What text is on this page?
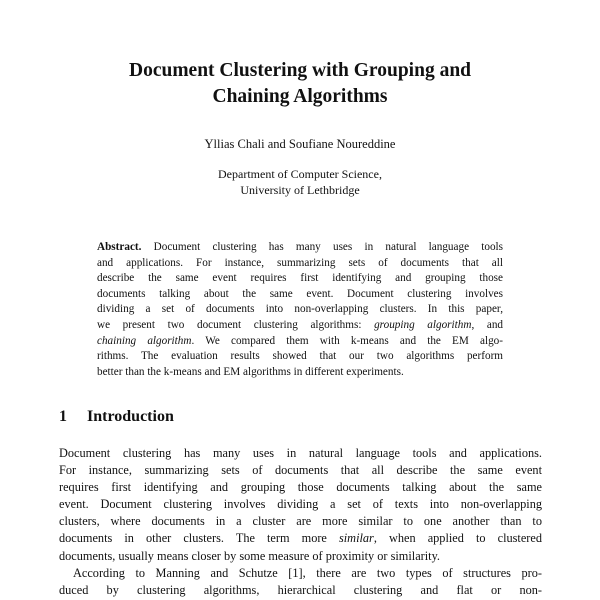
Document Clustering with Grouping and
Chaining Algorithms
Yllias Chali and Soufiane Noureddine
Department of Computer Science,
University of Lethbridge
Abstract. Document clustering has many uses in natural language tools
and applications. For instance, summarizing sets of documents that all
describe the same event requires first identifying and grouping those
documents talking about the same event. Document clustering involves
dividing a set of documents into non-overlapping clusters. In this paper,
we present two document clustering algorithms: grouping algorithm, and
chaining algorithm. We compared them with k-means and the EM algo-
rithms. The evaluation results showed that our two algorithms perform
better than the k-means and EM algorithms in different experiments.
1 Introduction
Document clustering has many uses in natural language tools and applications.
For instance, summarizing sets of documents that all describe the same event
requires first identifying and grouping those documents talking about the same
event. Document clustering involves dividing a set of texts into non-overlapping
clusters, where documents in a cluster are more similar to one another than to
documents in other clusters. The term more similar, when applied to clustered
documents, usually means closer by some measure of proximity or similarity.
According to Manning and Schutze [1], there are two types of structures pro-
duced by clustering algorithms, hierarchical clustering and flat or non-
